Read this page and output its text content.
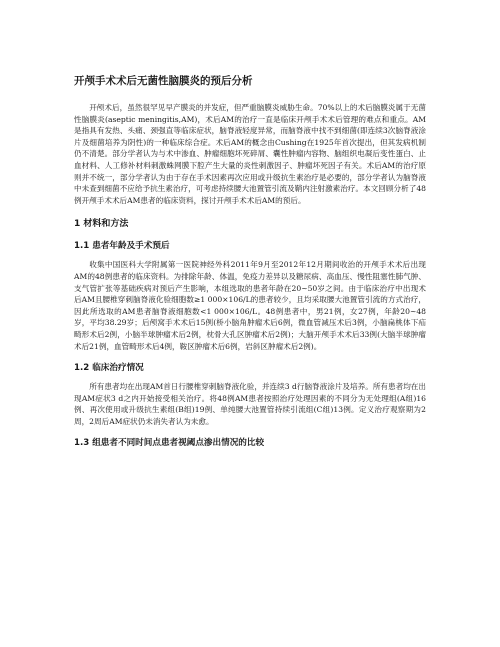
开颅手术术后无菌性脑膜炎的预后分析

开颅术后，虽然很罕见早产膜炎的并发症，但严重脑膜炎威胁生命。70%以上的术后脑膜炎属于无菌性脑膜炎(aseptic meningitis,AM)，术后AM的治疗一直是临床开颅手术术后管理的难点和重点。AM是指具有发热、头痛、颈强直等临床症状，脑脊液轻度异常，而脑脊液中找不到细菌(即连续3次脑脊液涂片及细菌培养为阴性)的一种临床综合症。术后AM的概念由Cushing在1925年首次提出，但其发病机制仍不清楚。部分学者认为与术中渗血、肿瘤细胞坏死碎屑、囊性肿瘤内容物、脑组织电凝后变性蛋白、止血材料、人工修补材料刺激蛛网膜下腔产生大量的炎性刺激因子、肿瘤坏死因子有关。术后AM的治疗原则并不统一，部分学者认为由于存在手术因素再次应用或升级抗生素治疗是必要的，部分学者认为脑脊液中未查到细菌不应给予抗生素治疗，可考虑持续腰大池置管引流及鞘内注射激素治疗。本文回顾分析了48例开颅手术术后AM患者的临床资料，探讨开颅手术术后AM的预后。

1 材料和方法
1.1 患者年龄及手术预后

收集中国医科大学附属第一医院神经外科2011年9月至2012年12月期间收治的开颅手术术后出现AM的48例患者的临床资料。为排除年龄、体温，免疫力差异以及糖尿病、高血压、慢性阻塞性肺气肿、支气管扩张等基础疾病对预后产生影响，本组选取的患者年龄在20~50岁之间。由于临床治疗中出现术后AM且腰椎穿刺脑脊液化验细胞数≥1 000×106/L的患者较少，且均采取腰大池置管引流的方式治疗，因此所选取的AM患者脑脊液细胞数<1 000×106/L。48例患者中，男21例，女27例，年龄20~48岁，平均38.29岁；后颅窝手术术后15例(桥小脑角肿瘤术后6例，微血管减压术后3例，小脑扁桃体下疝畸形术后2例，小脑半球肿瘤术后2例，枕骨大孔区肿瘤术后2例)；大脑开颅手术术后33例(大脑半球肿瘤术后21例，血管畸形术后4例，鞍区肿瘤术后6例，岩斜区肿瘤术后2例)。

1.2 临床治疗情况

所有患者均在出现AM首日行腰椎穿刺脑脊液化验，并连续3 d行脑脊液涂片及培养。所有患者均在出现AM症状3 d之内开始接受相关治疗。将48例AM患者按照治疗处理因素的不同分为无处理组(A组)16例、再次使用或升级抗生素组(B组)19例、单纯腰大池置管持续引流组(C组)13例。定义治疗观察期为2周，2周后AM症状仍未消失者认为未愈。

1.3 组患者不同时间点患者视阈点渗出情况的比较
